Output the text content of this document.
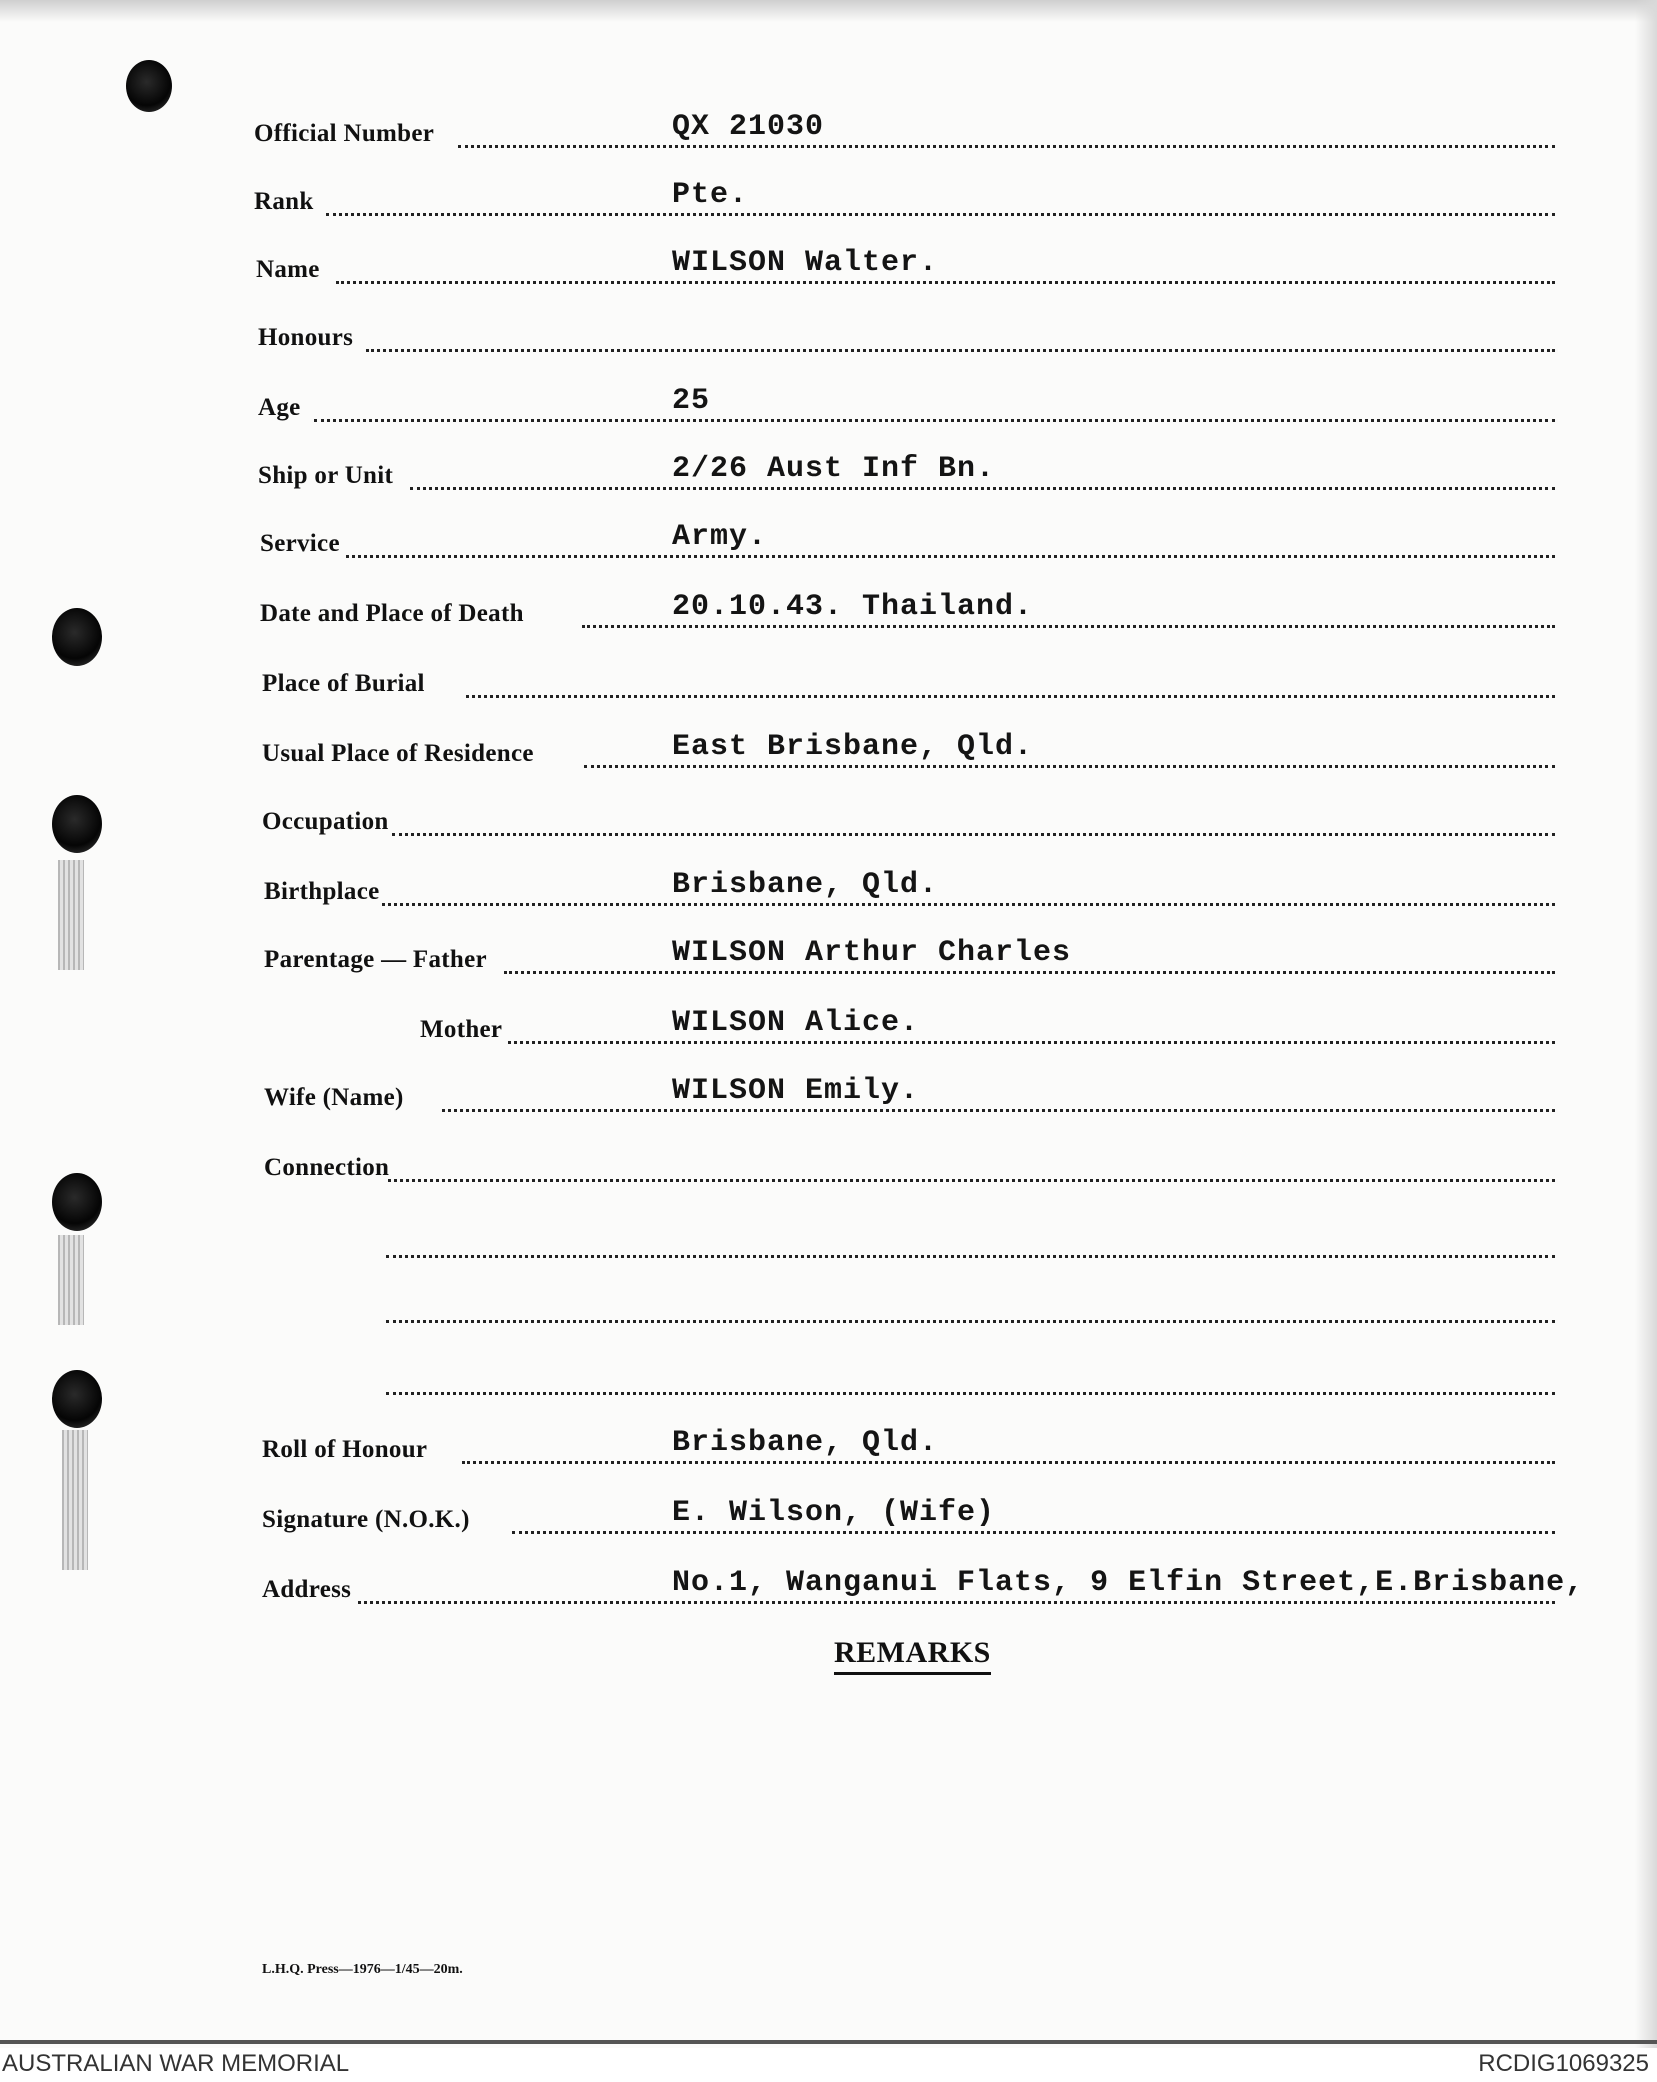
Official Number	QX 21030
Rank	Pte.
Name	WILSON Walter.
Honours
Age	25
Ship or Unit	2/26 Aust Inf Bn.
Service	Army.
Date and Place of Death	20.10.43. Thailand.
Place of Burial
Usual Place of Residence	East Brisbane, Qld.
Occupation
Birthplace	Brisbane, Qld.
Parentage — Father	WILSON Arthur Charles
Mother	WILSON Alice.
Wife (Name)	WILSON Emily.
Connection
Roll of Honour	Brisbane, Qld.
Signature (N.O.K.)	E. Wilson, (Wife)
Address	No.1, Wanganui Flats, 9 Elfin Street,E.Brisbane,
REMARKS
L.H.Q. Press—1976—1/45—20m.
AUSTRALIAN WAR MEMORIAL	RCDIG1069325
